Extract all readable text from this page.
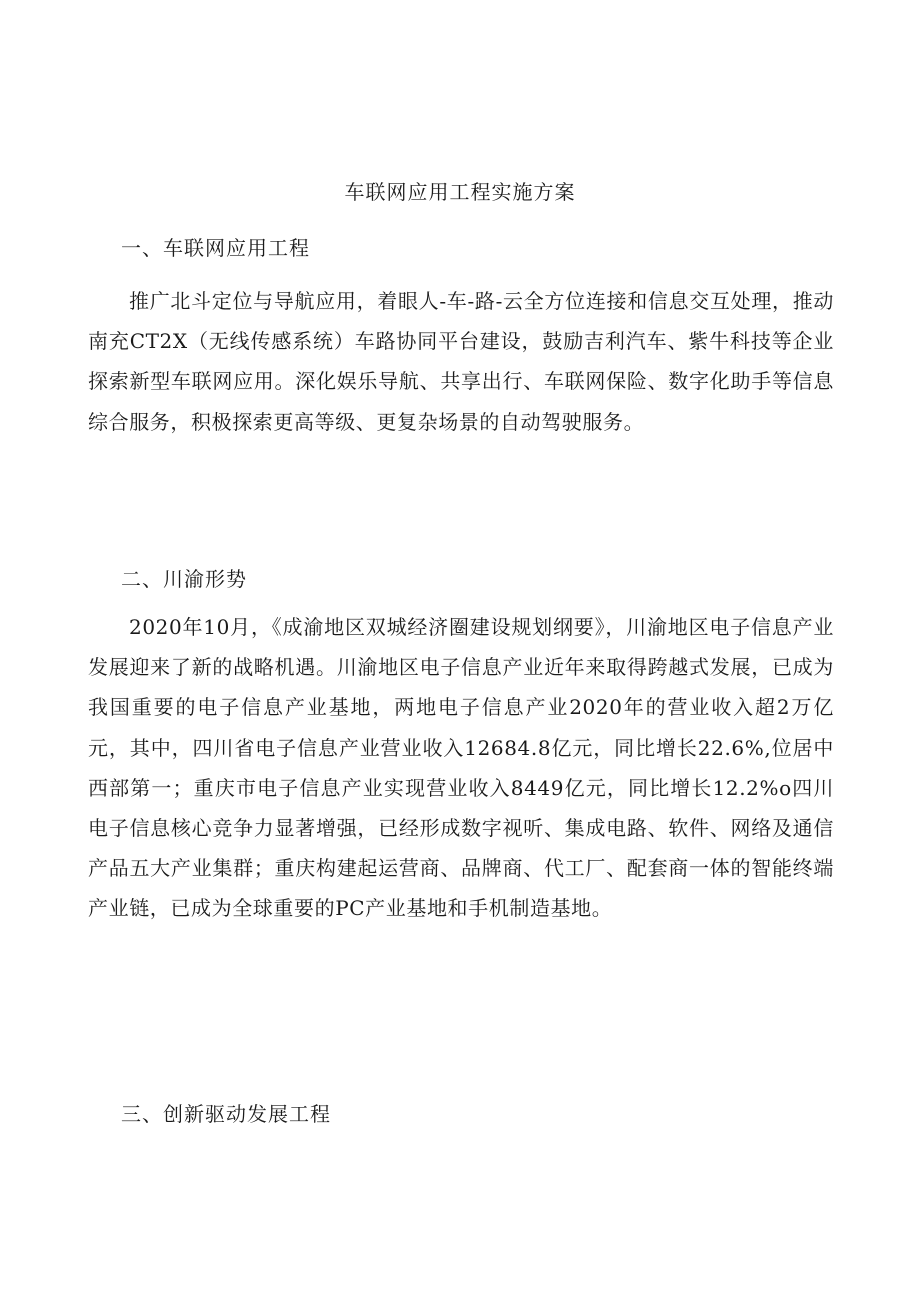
车联网应用工程实施方案
一、车联网应用工程

推广北斗定位与导航应用，着眼人-车-路-云全方位连接和信息交互处理，推动南充CT2X（无线传感系统）车路协同平台建设，鼓励吉利汽车、紫牛科技等企业探索新型车联网应用。深化娱乐导航、共享出行、车联网保险、数字化助手等信息综合服务，积极探索更高等级、更复杂场景的自动驾驶服务。

二、川渝形势

2020年10月，《成渝地区双城经济圈建设规划纲要》，川渝地区电子信息产业发展迎来了新的战略机遇。川渝地区电子信息产业近年来取得跨越式发展，已成为我国重要的电子信息产业基地，两地电子信息产业2020年的营业收入超2万亿元，其中，四川省电子信息产业营业收入12684.8亿元，同比增长22.6%,位居中西部第一；重庆市电子信息产业实现营业收入8449亿元，同比增长12.2%o四川电子信息核心竞争力显著增强，已经形成数字视听、集成电路、软件、网络及通信产品五大产业集群；重庆构建起运营商、品牌商、代工厂、配套商一体的智能终端产业链，已成为全球重要的PC产业基地和手机制造基地。

三、创新驱动发展工程
